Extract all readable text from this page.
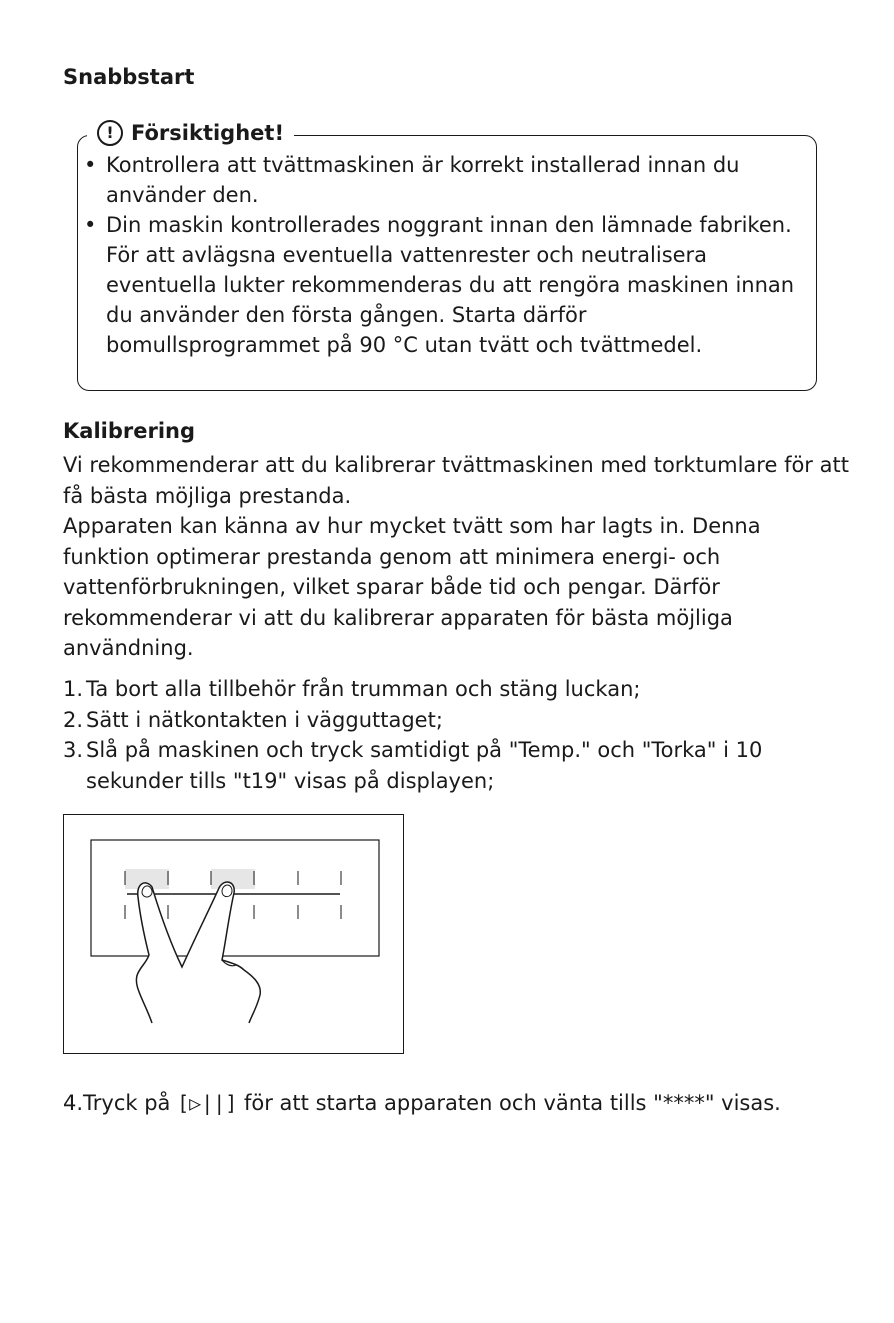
Snabbstart
! Försiktighet!
• Kontrollera att tvättmaskinen är korrekt installerad innan du använder den.
• Din maskin kontrollerades noggrant innan den lämnade fabriken. För att avlägsna eventuella vattenrester och neutralisera eventuella lukter rekommenderas du att rengöra maskinen innan du använder den första gången. Starta därför bomullsprogrammet på 90 °C utan tvätt och tvättmedel.
Kalibrering
Vi rekommenderar att du kalibrerar tvättmaskinen med torktumlare för att få bästa möjliga prestanda.
Apparaten kan känna av hur mycket tvätt som har lagts in. Denna funktion optimerar prestanda genom att minimera energi- och vattenförbrukningen, vilket sparar både tid och pengar. Därför rekommenderar vi att du kalibrerar apparaten för bästa möjliga användning.
1. Ta bort alla tillbehör från trumman och stäng luckan;
2. Sätt i nätkontakten i vägguttaget;
3. Slå på maskinen och tryck samtidigt på "Temp." och "Torka" i 10 sekunder tills "t19" visas på displayen;
4.Tryck på [▷||] för att starta apparaten och vänta tills "****" visas.
